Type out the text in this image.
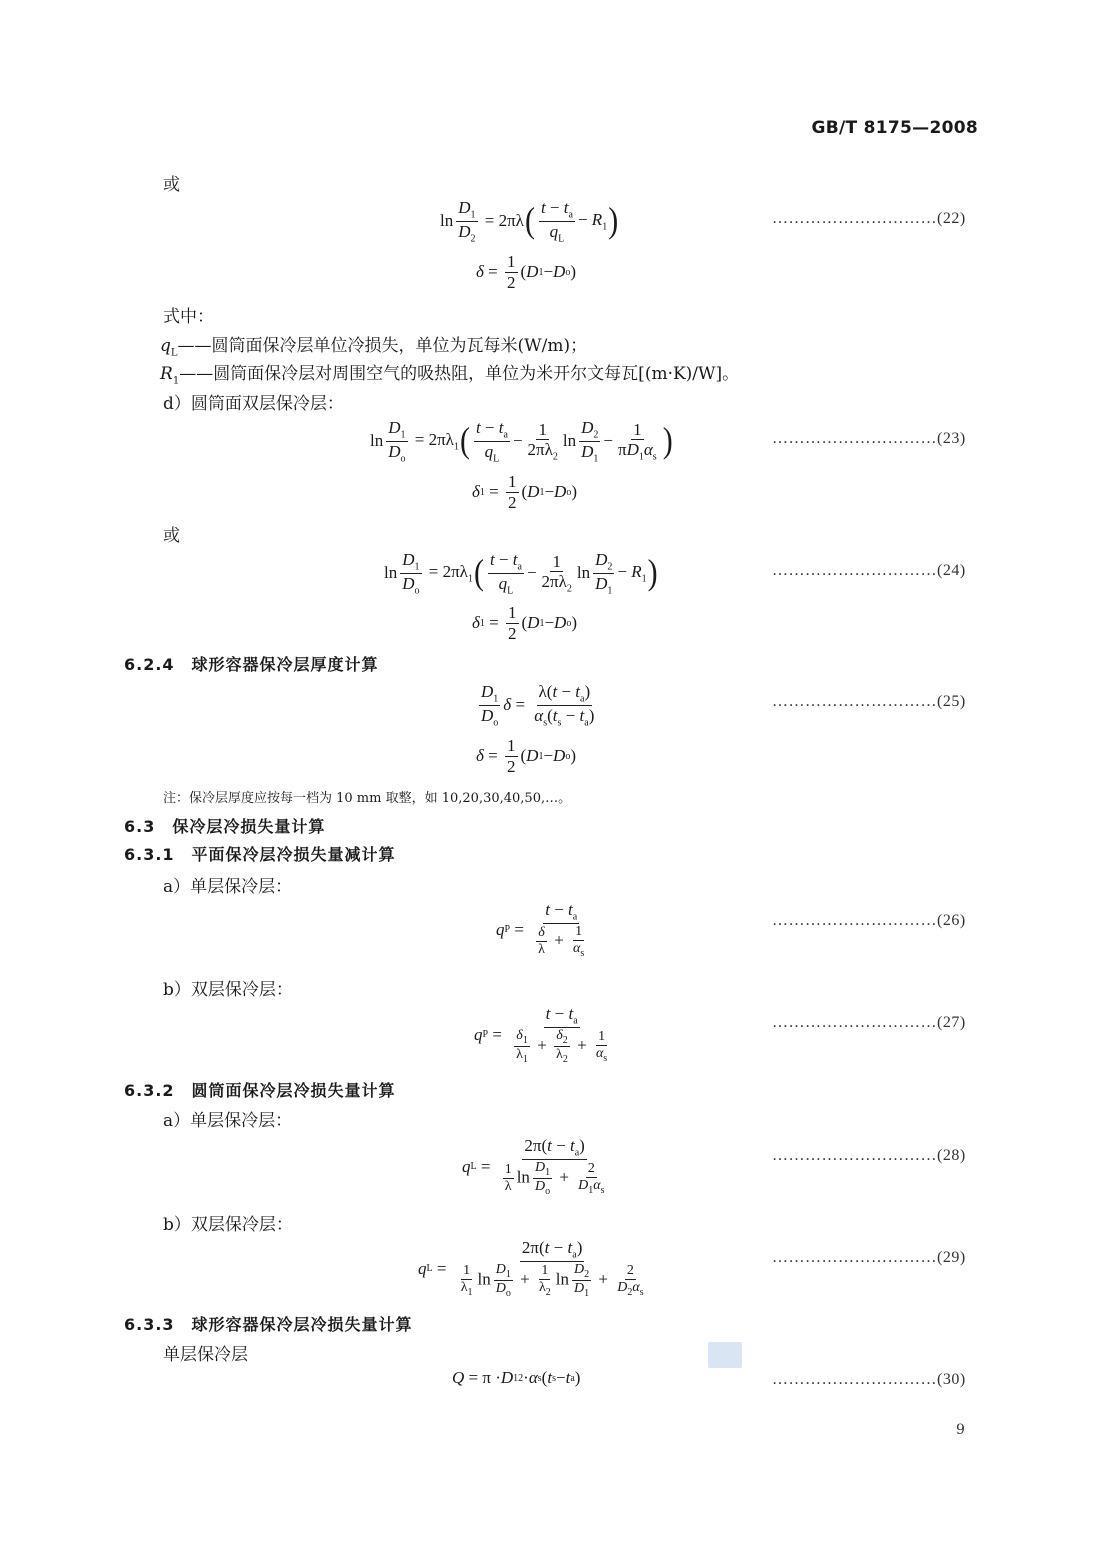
GB/T 8175—2008
或
$\ln \frac{D_1}{D_2} = 2\pi\lambda$ ( $\frac{t - t_a}{q_L} - R_1$ )
$\delta = \frac{1}{2}$ ( D 1 − D o )
…………………………(22)
式中：
$q_L——$圆筒面保冷层单位冷损失，单位为瓦每米(W/m)；
$R_1——$圆筒面保冷层对周围空气的吸热阻，单位为米开尔文每瓦[(m·K)/W]。
d）圆筒面双层保冷层：
$\ln \frac{D_1}{D_o} = 2\pi\lambda_1$ ( $\frac{t - t_a}{q_L} - \frac{1}{2\pi\lambda_2}$ $\ln \frac{D_2}{D_1} - \frac{1}{\pi D_1\alpha_s}$ )
δ $1 = \frac{1}{2}$ ( D 1 − D o )
…………………………(23)
或
$\ln \frac{D_1}{D_o} = 2\pi\lambda_1$ ( $\frac{t - t_a}{q_L} - \frac{1}{2\pi\lambda_2}$ $\ln \frac{D_2}{D_1} - R_1$ )
δ $1 = \frac{1}{2}$ ( D 1 − D o )
…………………………(24)
6.2.4　球形容器保冷层厚度计算
$\frac{D_1}{D_o}$ $\delta = \frac{\lambda(t - t_a)}{\alpha_s(t_s - t_a)}$
$\delta = \frac{1}{2}$ ( D 1 − D o )
…………………………(25)
注：保冷层厚度应按每一档为 10 mm 取整，如 10,20,30,40,50,…。
6.3　保冷层冷损失量计算
6.3.1　平面保冷层冷损失量减计算
a）单层保冷层：
q $P = \frac{t - t_a}{\frac{\delta}{\lambda} + \frac{1}{\alpha_s}}$	…………………………(26)
b）双层保冷层：
q $P = \frac{t - t_a}{\frac{\delta_1}{\lambda_1} + \frac{\delta_2}{\lambda_2} + \frac{1}{\alpha_s}}$	…………………………(27)
6.3.2　圆筒面保冷层冷损失量计算
a）单层保冷层：
q $L = \frac{2\pi(t - t_a)}{\frac{1}{\lambda} \ln \frac{D_1}{D_o} + \frac{2}{D_1\alpha_s}}$	…………………………(28)
b）双层保冷层：
q $L = \frac{2\pi(t - t_a)}{\frac{1}{\lambda_1} \ln \frac{D_1}{D_o} + \frac{1}{\lambda_2} \ln \frac{D_2}{D_1} + \frac{2}{D_2\alpha_s}}$	…………………………(29)
6.3.3　球形容器保冷层冷损失量计算
单层保冷层
Q = π · D 1 2 · α s ( t s − t a )	…………………………(30)
9
